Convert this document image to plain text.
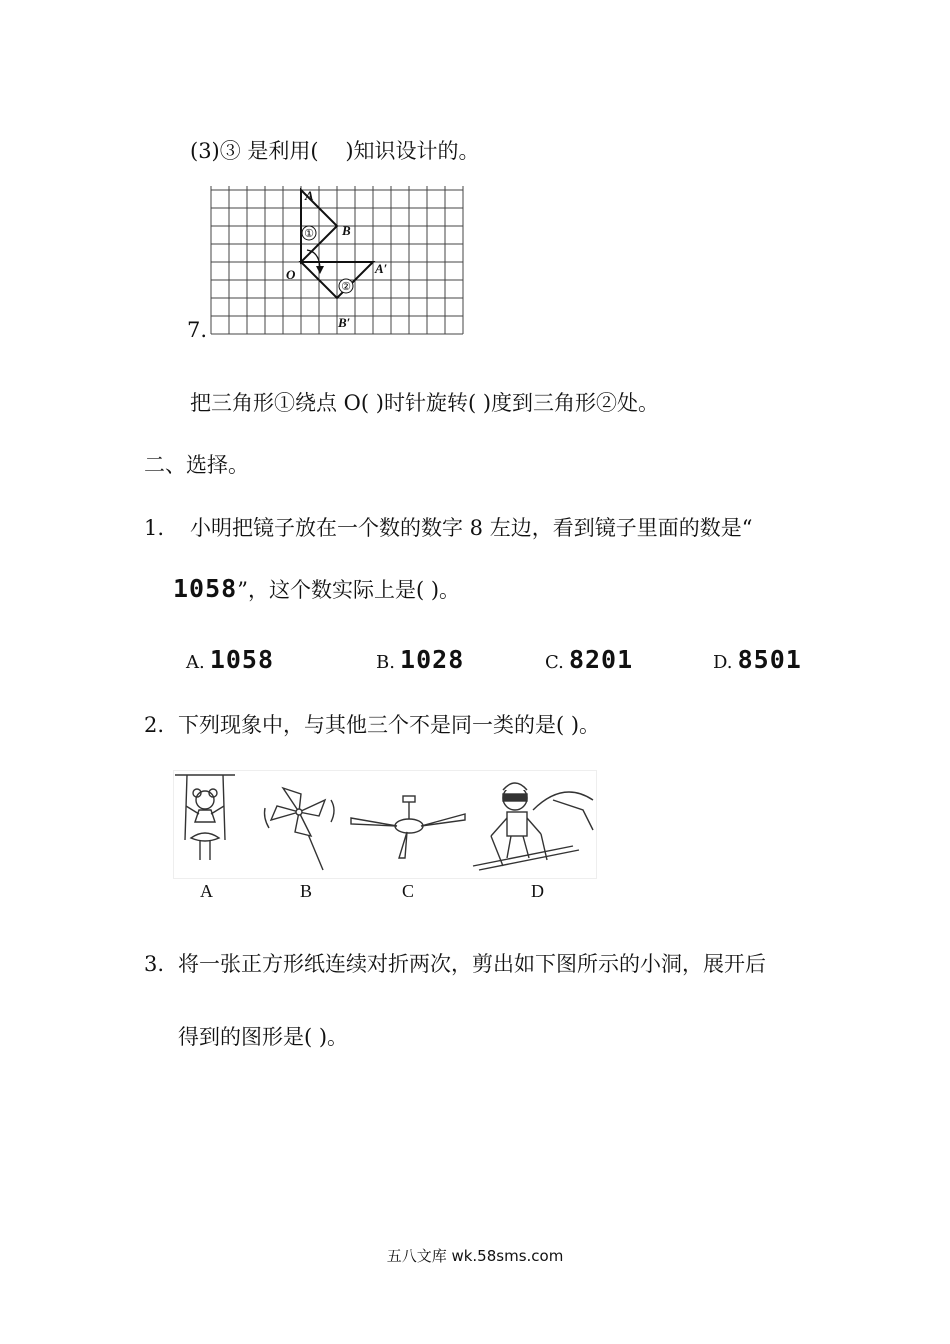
(3)③ 是利用( )知识设计的。
7.
①
②
A
B
O	A′
B′
把三角形①绕点 O( )时针旋转( )度到三角形②处。
二、选择。
1. 小明把镜子放在一个数的数字 8 左边，看到镜子里面的数是“
1058”，这个数实际上是( )。
A. 1058	B. 1028	C. 8201	D. 8501
2. 下列现象中，与其他三个不是同一类的是( )。
A	B	C	D
3. 将一张正方形纸连续对折两次，剪出如下图所示的小洞，展开后
得到的图形是( )。
五八文库 wk.58sms.com
